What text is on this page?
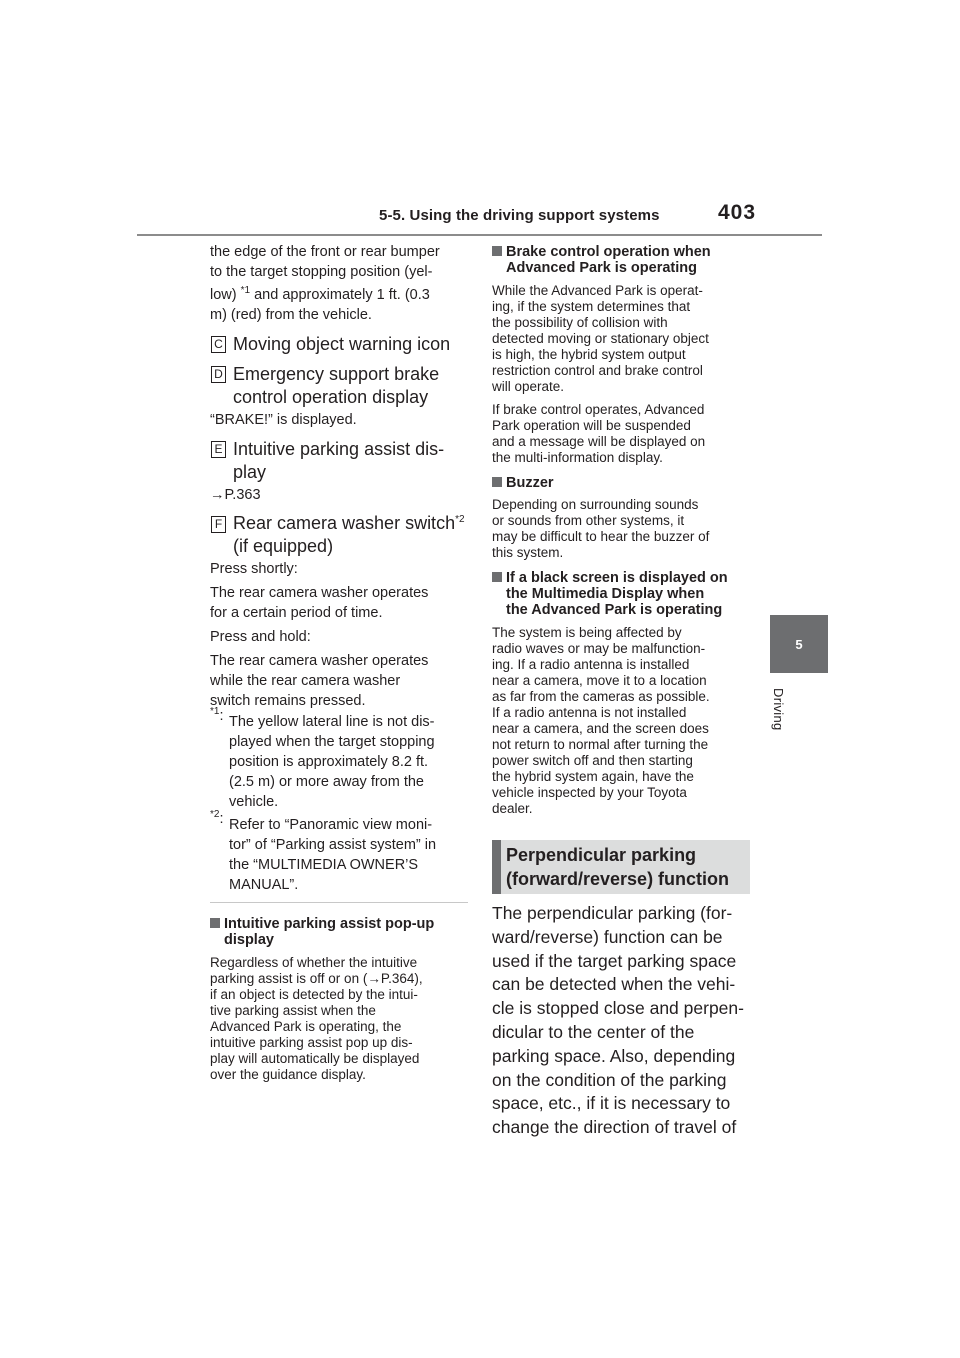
5-5. Using the driving support systems	403
5
Driving
the edge of the front or rear bumper
to the target stopping position (yel-
low) $^{*1}$ and approximately 1 ft. (0.3
m) (red) from the vehicle.
C Moving object warning icon
D Emergency support brake
control operation display
“BRAKE!” is displayed.
E Intuitive parking assist dis-
play
→P.363
F Rear camera washer switch$^{*2}$
(if equipped)
Press shortly:
The rear camera washer operates
for a certain period of time.
Press and hold:
The rear camera washer operates
while the rear camera washer
switch remains pressed.
$^{*1}$: The yellow lateral line is not dis-
played when the target stopping
position is approximately 8.2 ft.
(2.5 m) or more away from the
vehicle.
$^{*2}$: Refer to “Panoramic view moni-
tor” of “Parking assist system” in
the “MULTIMEDIA OWNER’S
MANUAL”.
Intuitive parking assist pop-up
display
Regardless of whether the intuitive
parking assist is off or on (→P.364),
if an object is detected by the intui-
tive parking assist when the
Advanced Park is operating, the
intuitive parking assist pop up dis-
play will automatically be displayed
over the guidance display.
Brake control operation when
Advanced Park is operating
While the Advanced Park is operat-
ing, if the system determines that
the possibility of collision with
detected moving or stationary object
is high, the hybrid system output
restriction control and brake control
will operate.
If brake control operates, Advanced
Park operation will be suspended
and a message will be displayed on
the multi-information display.
Buzzer
Depending on surrounding sounds
or sounds from other systems, it
may be difficult to hear the buzzer of
this system.
If a black screen is displayed on
the Multimedia Display when
the Advanced Park is operating
The system is being affected by
radio waves or may be malfunction-
ing. If a radio antenna is installed
near a camera, move it to a location
as far from the cameras as possible.
If a radio antenna is not installed
near a camera, and the screen does
not return to normal after turning the
power switch off and then starting
the hybrid system again, have the
vehicle inspected by your Toyota
dealer.
Perpendicular parking
(forward/reverse) function
The perpendicular parking (for-
ward/reverse) function can be
used if the target parking space
can be detected when the vehi-
cle is stopped close and perpen-
dicular to the center of the
parking space. Also, depending
on the condition of the parking
space, etc., if it is necessary to
change the direction of travel of
